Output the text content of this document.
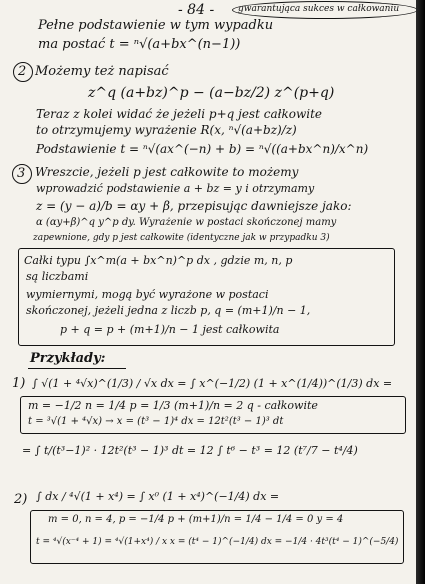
- 84 -	gwarantująca sukces w całkowaniu
Pełne podstawienie w tym wypadku
ma postać t = ⁿ√(a+bx^(n−1))
2 Możemy też napisać
z^q (a+bz)^p − (a−bz/2) z^(p+q)
Teraz z kolei widać że jeżeli p+q jest całkowite
to otrzymujemy wyrażenie R(x, ⁿ√(a+bz)/z)
Podstawienie t = ⁿ√(ax^(−n) + b) = ⁿ√((a+bx^n)/x^n)
3 Wreszcie, jeżeli p jest całkowite to możemy
wprowadzić podstawienie a + bz = y i otrzymamy
z = (y − a)/b = αy + β, przepisując dawniejsze jako:
α (αy+β)^q y^p dy. Wyrażenie w postaci skończonej mamy
zapewnione, gdy p jest całkowite (identyczne jak w przypadku 3)
Całki typu ∫x^m(a + bx^n)^p dx , gdzie m, n, p
są liczbami
wymiernymi, mogą być wyrażone w postaci
skończonej, jeżeli jedna z liczb p, q = (m+1)/n − 1,
p + q = p + (m+1)/n − 1 jest całkowita
Przykłady:
1) ∫ √(1 + ⁴√x)^(1/3) / √x dx = ∫ x^(−1/2) (1 + x^(1/4))^(1/3) dx =
m = −1/2 n = 1/4 p = 1/3 (m+1)/n = 2 q - całkowite
t = ³√(1 + ⁴√x) → x = (t³ − 1)⁴ dx = 12t²(t³ − 1)³ dt
= ∫ t/(t³−1)² · 12t²(t³ − 1)³ dt = 12 ∫ t⁶ − t³ = 12 (t⁷/7 − t⁴/4)
2) ∫ dx / ⁴√(1 + x⁴) = ∫ x⁰ (1 + x⁴)^(−1/4) dx =
m = 0, n = 4, p = −1/4 p + (m+1)/n = 1/4 − 1/4 = 0 y = 4
t = ⁴√(x⁻⁴ + 1) = ⁴√(1+x⁴) / x x = (t⁴ − 1)^(−1/4) dx = −1/4 · 4t³(t⁴ − 1)^(−5/4)
